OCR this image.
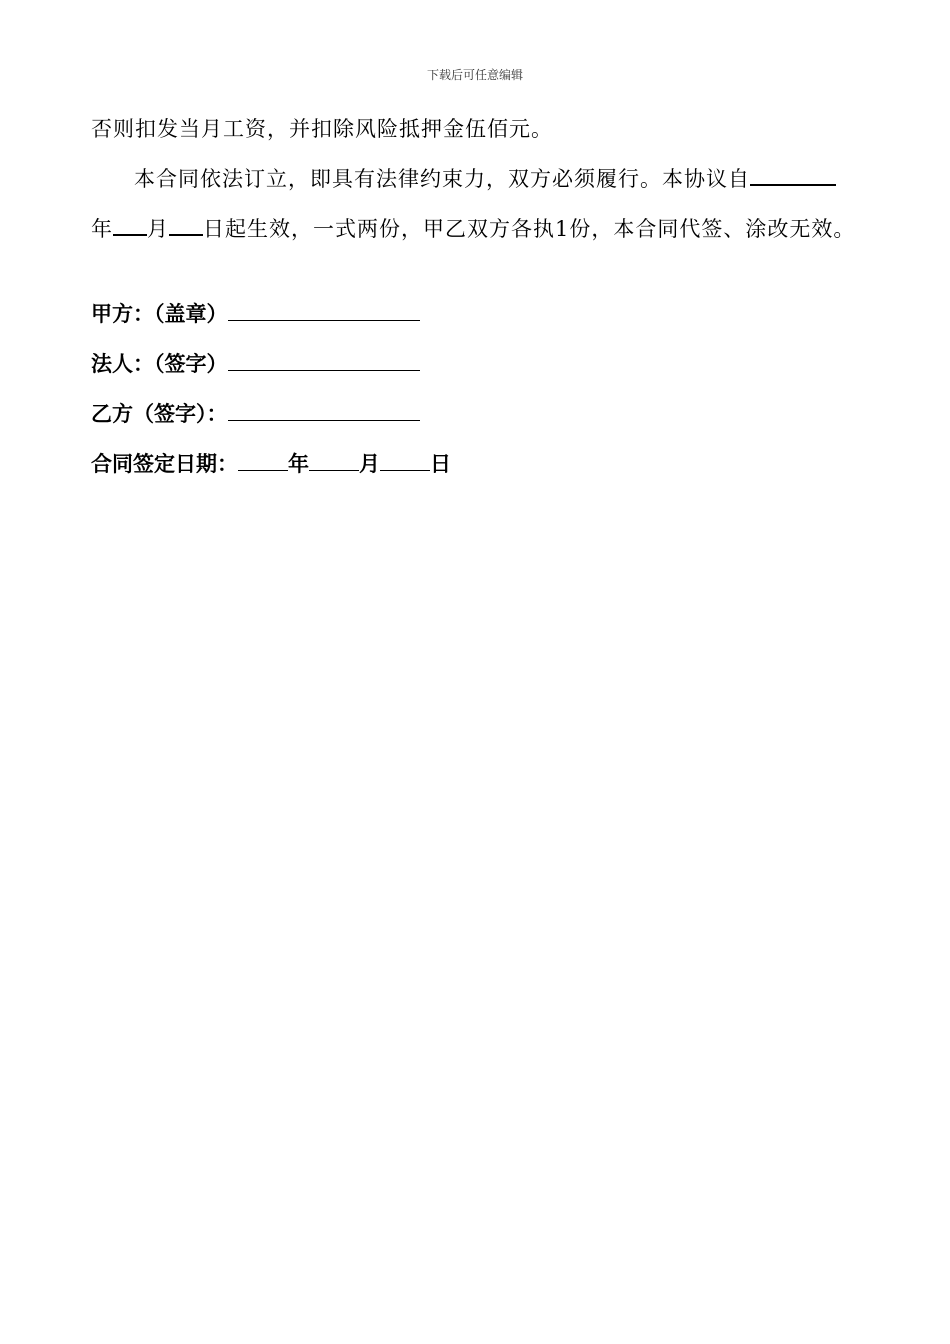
下载后可任意编辑
否则扣发当月工资，并扣除风险抵押金伍佰元。
本合同依法订立，即具有法律约束力，双方必须履行。本协议自
年 月 日起生效，一式两份，甲乙双方各执1份，本合同代签、涂改无效。
甲方：（盖章）
法人：（签字）
乙方（签字）：
合同签定日期： 年 月 日
